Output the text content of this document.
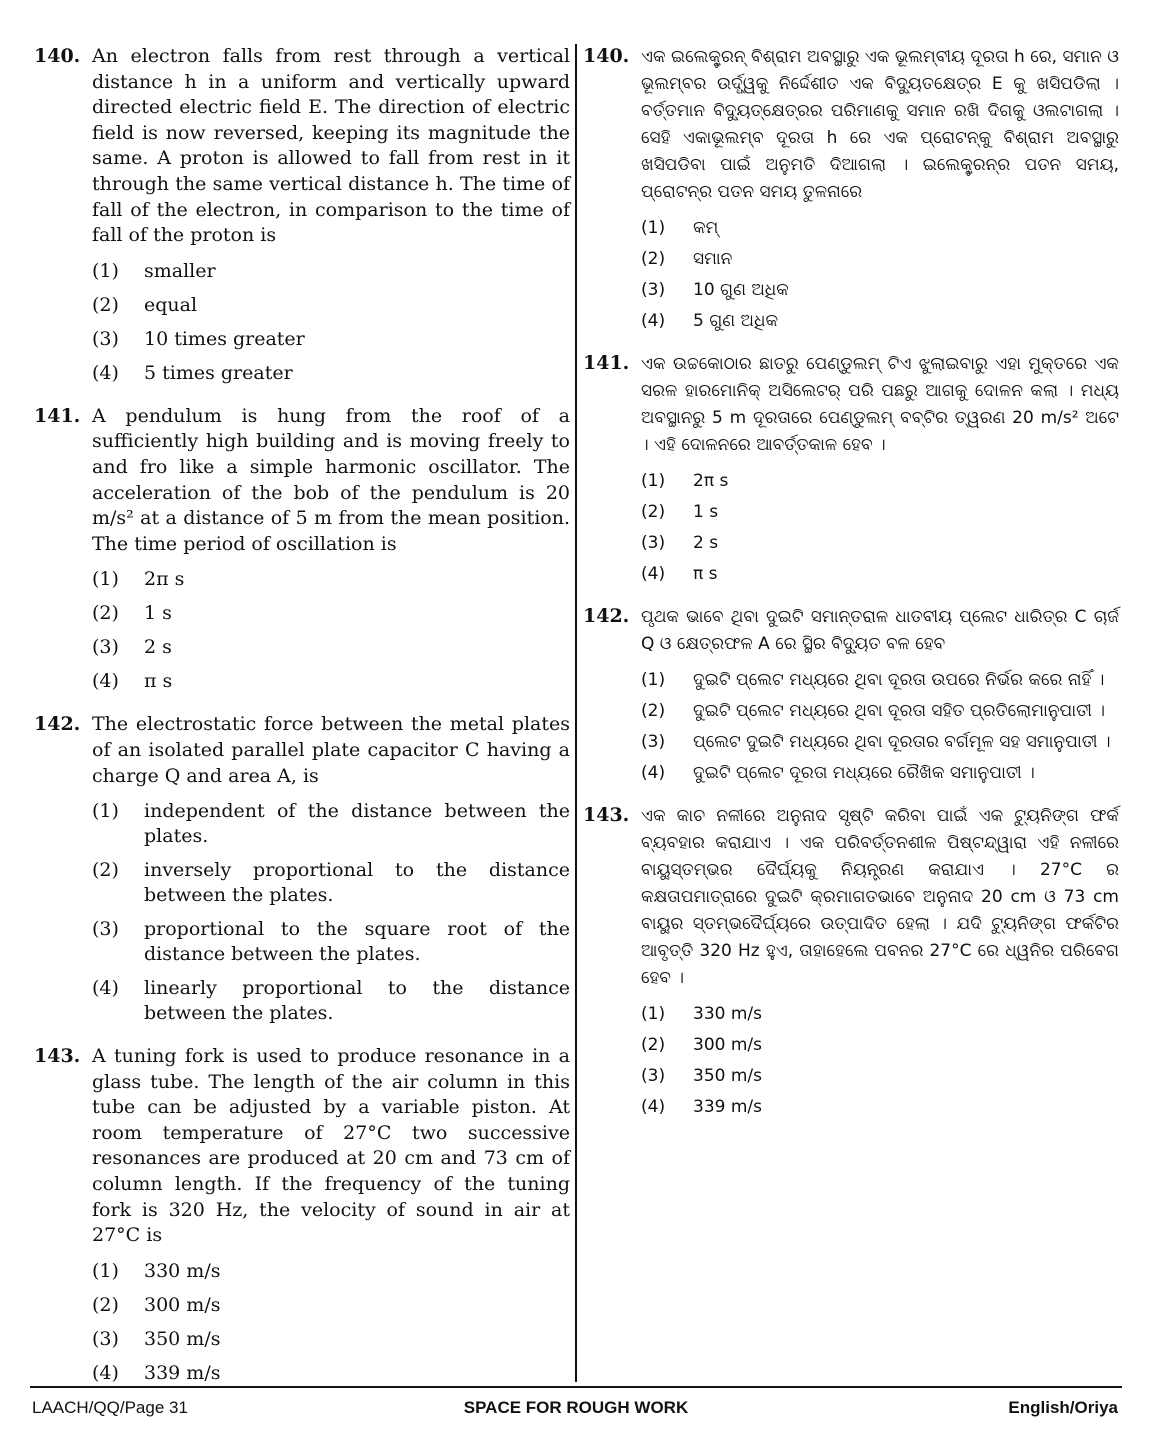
140. An electron falls from rest through a vertical distance h in a uniform and vertically upward directed electric field E. The direction of electric field is now reversed, keeping its magnitude the same. A proton is allowed to fall from rest in it through the same vertical distance h. The time of fall of the electron, in comparison to the time of fall of the proton is
(1)	smaller
(2)	equal
(3)	10 times greater
(4)	5 times greater
141. A pendulum is hung from the roof of a sufficiently high building and is moving freely to and fro like a simple harmonic oscillator. The acceleration of the bob of the pendulum is 20 m/s² at a distance of 5 m from the mean position. The time period of oscillation is
(1)	2π s
(2)	1 s
(3)	2 s
(4)	π s
142. The electrostatic force between the metal plates of an isolated parallel plate capacitor C having a charge Q and area A, is
(1)	independent of the distance between the plates.
(2)	inversely proportional to the distance between the plates.
(3)	proportional to the square root of the distance between the plates.
(4)	linearly proportional to the distance between the plates.
143. A tuning fork is used to produce resonance in a glass tube. The length of the air column in this tube can be adjusted by a variable piston. At room temperature of 27°C two successive resonances are produced at 20 cm and 73 cm of column length. If the frequency of the tuning fork is 320 Hz, the velocity of sound in air at 27°C is
(1)	330 m/s
(2)	300 m/s
(3)	350 m/s
(4)	339 m/s
140. ଏକ ଇଲେକ୍ଟ୍ରନ୍ ବିଶ୍ରାମ ଅବସ୍ଥାରୁ ଏକ ଭୂଲମ୍ବୀୟ ଦୂରତା h ରେ, ସମାନ ଓ ଭୂଲମ୍ବର ଉର୍ଦ୍ଧ୍ୱକୁ ନିର୍ଦ୍ଦେଶୀତ ଏକ ବିଦ୍ୟୁତକ୍ଷେତ୍ର E କୁ ଖସିପଡିଲା । ବର୍ତ୍ତମାନ ବିଦ୍ୟୁତ୍କ୍ଷେତ୍ରର ପରିମାଣକୁ ସମାନ ରଖି ଦିଗକୁ ଓଲଟାଗଲା । ସେହି ଏକାଭୂଲମ୍ବ ଦୂରତା h ରେ ଏକ ପ୍ରୋଟନ୍କୁ ବିଶ୍ରାମ ଅବସ୍ଥାରୁ ଖସିପଡିବା ପାଇଁ ଅନୁମତି ଦିଆଗଲା । ଇଲେକ୍ଟ୍ରନ୍ର ପତନ ସମୟ, ପ୍ରୋଟନ୍ର ପତନ ସମୟ ତୁଳନାରେ
(1)	କମ୍
(2)	ସମାନ
(3)	10 ଗୁଣ ଅଧିକ
(4)	5 ଗୁଣ ଅଧିକ
141. ଏକ ଉଚ୍ଚକୋଠାର ଛାତରୁ ପେଣ୍ଡୁଲମ୍ ଟିଏ ଝୁଲାଇବାରୁ ଏହା ମୁକ୍ତରେ ଏକ ସରଳ ହାରମୋନିକ୍ ଅସିଲେଟର୍ ପରି ପଛରୁ ଆଗକୁ ଦୋଳନ କଲା । ମଧ୍ୟ ଅବସ୍ଥାନରୁ 5 m ଦୂରତାରେ ପେଣ୍ଡୁଲମ୍ ବବ୍ଟିର ତ୍ୱରଣ 20 m/s² ଅଟେ । ଏହି ଦୋଳନରେ ଆବର୍ତ୍ତକାଳ ହେବ ।
(1)	2π s
(2)	1 s
(3)	2 s
(4)	π s
142. ପୃଥକ ଭାବେ ଥିବା ଦୁଇଟି ସମାନ୍ତରାଳ ଧାତବୀୟ ପ୍ଲେଟ ଧାରିତ୍ର C ଚାର୍ଜ Q ଓ କ୍ଷେତ୍ରଫଳ A ରେ ସ୍ଥିର ବିଦ୍ୟୁତ ବଳ ହେବ
(1)	ଦୁଇଟି ପ୍ଲେଟ ମଧ୍ୟରେ ଥିବା ଦୂରତା ଉପରେ ନିର୍ଭର କରେ ନାହିଁ ।
(2)	ଦୁଇଟି ପ୍ଲେଟ ମଧ୍ୟରେ ଥିବା ଦୂରତା ସହିତ ପ୍ରତିଲୋମାନୁପାତୀ ।
(3)	ପ୍ଲେଟ ଦୁଇଟି ମଧ୍ୟରେ ଥିବା ଦୂରତାର ବର୍ଗମୂଳ ସହ ସମାନୁପାତୀ ।
(4)	ଦୁଇଟି ପ୍ଲେଟ ଦୂରତା ମଧ୍ୟରେ ରୈଖିକ ସମାନୁପାତୀ ।
143. ଏକ କାଚ ନଳୀରେ ଅନୁନାଦ ସୃଷ୍ଟି କରିବା ପାଇଁ ଏକ ଟ୍ୟୁନିଙ୍ଗ ଫର୍କ ବ୍ୟବହାର କରାଯାଏ । ଏକ ପରିବର୍ତ୍ତନଶୀଳ ପିଷ୍ଟନ୍ଦ୍ୱାରା ଏହି ନଳୀରେ ବାୟୁସ୍ତମ୍ଭର ଦୈର୍ଘ୍ୟକୁ ନିୟନ୍ତ୍ରଣ କରାଯାଏ । 27°C ର କକ୍ଷତାପମାତ୍ରାରେ ଦୁଇଟି କ୍ରମାଗତଭାବେ ଅନୁନାଦ 20 cm ଓ 73 cm ବାୟୁର ସ୍ତମ୍ଭଦୈର୍ଘ୍ୟରେ ଉତ୍ପାଦିତ ହେଲା । ଯଦି ଟ୍ୟୁନିଙ୍ଗ ଫର୍କଟିର ଆବୃତ୍ତି 320 Hz ହୁଏ, ତାହାହେଲେ ପବନର 27°C ରେ ଧ୍ୱନିର ପରିବେଗ ହେବ ।
(1)	330 m/s
(2)	300 m/s
(3)	350 m/s
(4)	339 m/s
LAACH/QQ/Page 31	SPACE FOR ROUGH WORK	English/Oriya
